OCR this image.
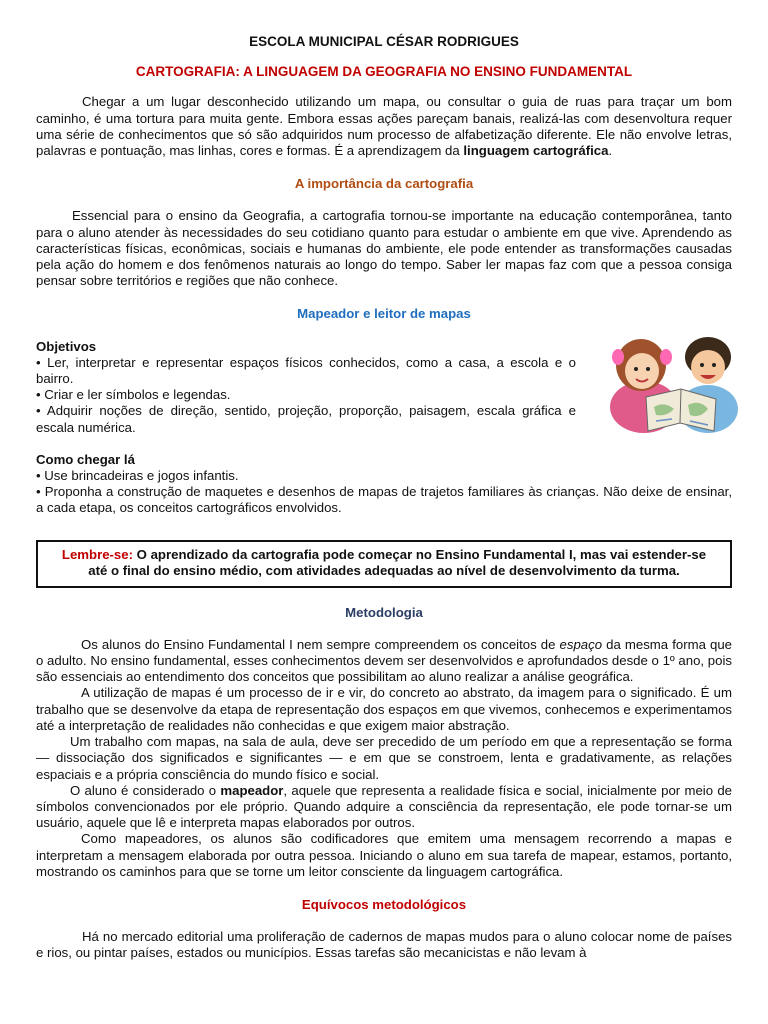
ESCOLA MUNICIPAL CÉSAR RODRIGUES
CARTOGRAFIA: A LINGUAGEM DA GEOGRAFIA NO ENSINO FUNDAMENTAL

Chegar a um lugar desconhecido utilizando um mapa, ou consultar o guia de ruas para traçar um bom caminho, é uma tortura para muita gente. Embora essas ações pareçam banais, realizá-las com desenvoltura requer uma série de conhecimentos que só são adquiridos num processo de alfabetização diferente. Ele não envolve letras, palavras e pontuação, mas linhas, cores e formas. É a aprendizagem da linguagem cartográfica.

A importância da cartografia

Essencial para o ensino da Geografia, a cartografia tornou-se importante na educação contemporânea, tanto para o aluno atender às necessidades do seu cotidiano quanto para estudar o ambiente em que vive. Aprendendo as características físicas, econômicas, sociais e humanas do ambiente, ele pode entender as transformações causadas pela ação do homem e dos fenômenos naturais ao longo do tempo. Saber ler mapas faz com que a pessoa consiga pensar sobre territórios e regiões que não conhece.

Mapeador e leitor de mapas
Objetivos

• Ler, interpretar e representar espaços físicos conhecidos, como a casa, a escola e o bairro.

• Criar e ler símbolos e legendas.

• Adquirir noções de direção, sentido, projeção, proporção, paisagem, escala gráfica e escala numérica.

Como chegar lá

• Use brincadeiras e jogos infantis.

• Proponha a construção de maquetes e desenhos de mapas de trajetos familiares às crianças. Não deixe de ensinar, a cada etapa, os conceitos cartográficos envolvidos.

Lembre-se: O aprendizado da cartografia pode começar no Ensino Fundamental I, mas vai estender-se até o final do ensino médio, com atividades adequadas ao nível de desenvolvimento da turma.
Metodologia

Os alunos do Ensino Fundamental I nem sempre compreendem os conceitos de espaço da mesma forma que o adulto. No ensino fundamental, esses conhecimentos devem ser desenvolvidos e aprofundados desde o 1º ano, pois são essenciais ao entendimento dos conceitos que possibilitam ao aluno realizar a análise geográfica.

A utilização de mapas é um processo de ir e vir, do concreto ao abstrato, da imagem para o significado. É um trabalho que se desenvolve da etapa de representação dos espaços em que vivemos, conhecemos e experimentamos até a interpretação de realidades não conhecidas e que exigem maior abstração.

Um trabalho com mapas, na sala de aula, deve ser precedido de um período em que a representação se forma — dissociação dos significados e significantes — e em que se constroem, lenta e gradativamente, as relações espaciais e a própria consciência do mundo físico e social.

O aluno é considerado o mapeador, aquele que representa a realidade física e social, inicialmente por meio de símbolos convencionados por ele próprio. Quando adquire a consciência da representação, ele pode tornar-se um usuário, aquele que lê e interpreta mapas elaborados por outros.

Como mapeadores, os alunos são codificadores que emitem uma mensagem recorrendo a mapas e interpretam a mensagem elaborada por outra pessoa. Iniciando o aluno em sua tarefa de mapear, estamos, portanto, mostrando os caminhos para que se torne um leitor consciente da linguagem cartográfica.

Equívocos metodológicos

Há no mercado editorial uma proliferação de cadernos de mapas mudos para o aluno colocar nome de países e rios, ou pintar países, estados ou municípios. Essas tarefas são mecanicistas e não levam à
